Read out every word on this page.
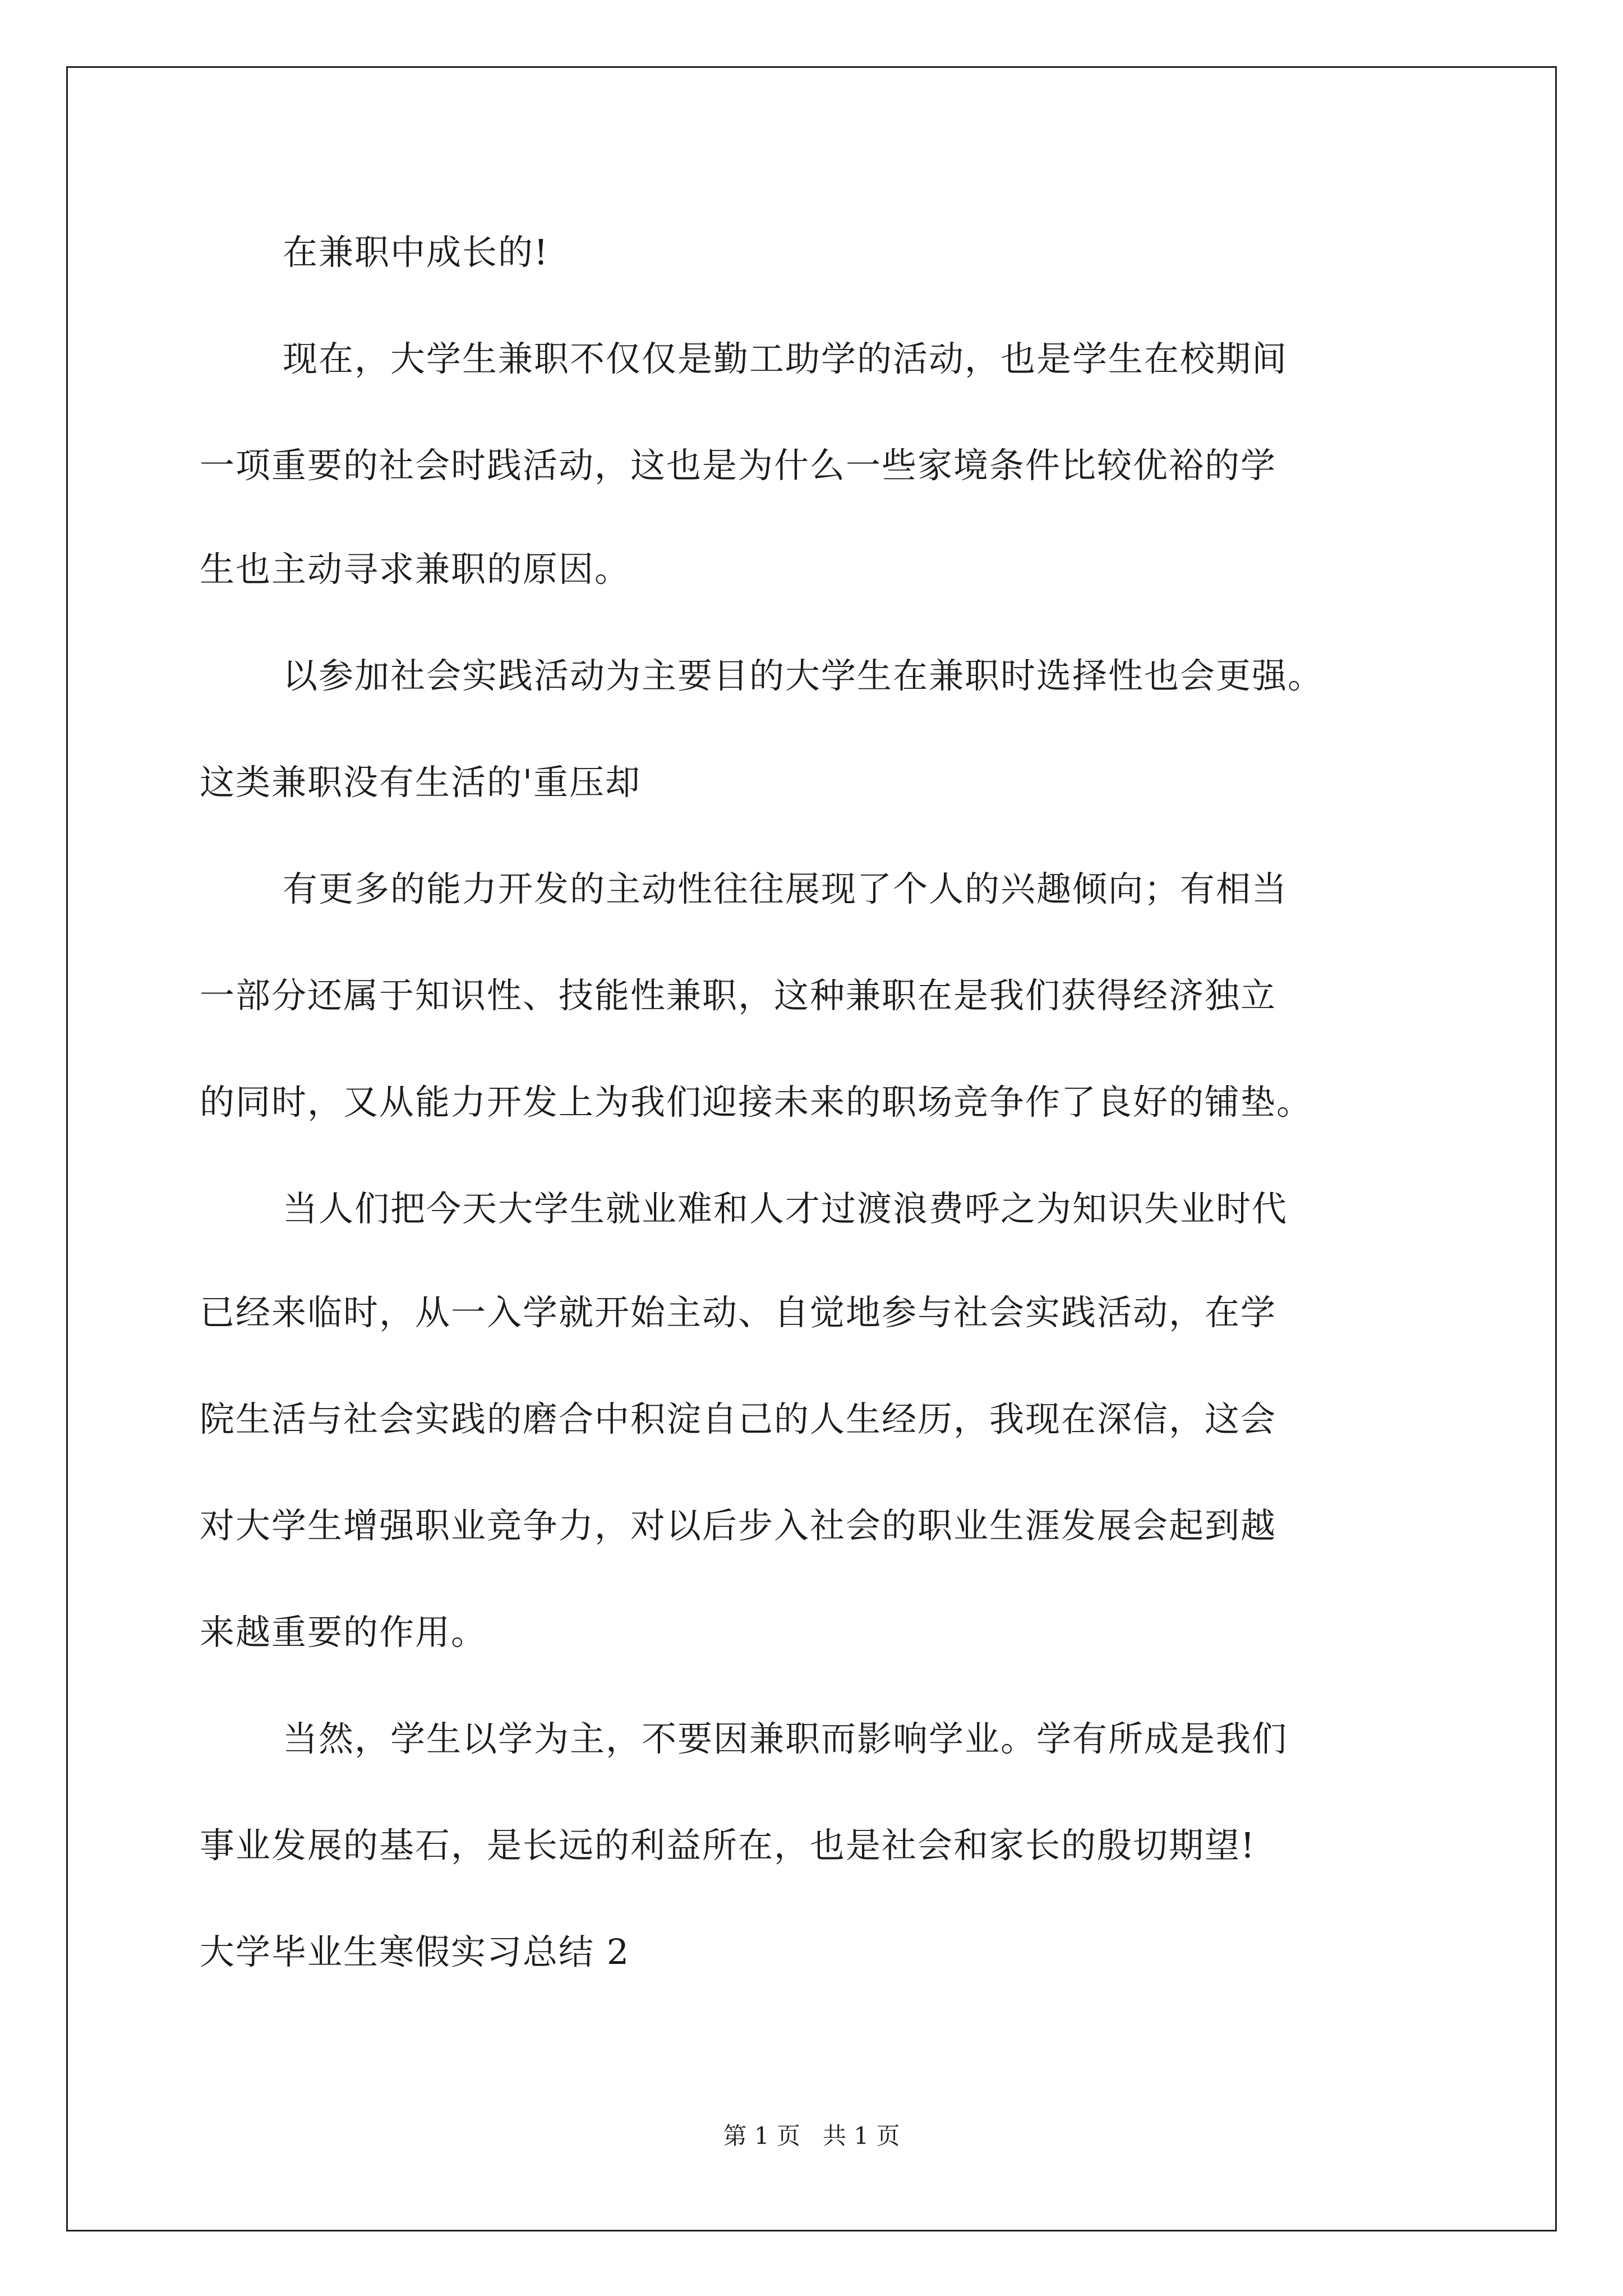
在兼职中成长的!
现在，大学生兼职不仅仅是勤工助学的活动，也是学生在校期间
一项重要的社会时践活动，这也是为什么一些家境条件比较优裕的学
生也主动寻求兼职的原因。
以参加社会实践活动为主要目的大学生在兼职时选择性也会更强。
这类兼职没有生活的'重压却
有更多的能力开发的主动性往往展现了个人的兴趣倾向；有相当
一部分还属于知识性、技能性兼职，这种兼职在是我们获得经济独立
的同时，又从能力开发上为我们迎接未来的职场竞争作了良好的铺垫。
当人们把今天大学生就业难和人才过渡浪费呼之为知识失业时代
已经来临时，从一入学就开始主动、自觉地参与社会实践活动，在学
院生活与社会实践的磨合中积淀自己的人生经历，我现在深信，这会
对大学生增强职业竞争力，对以后步入社会的职业生涯发展会起到越
来越重要的作用。
当然，学生以学为主，不要因兼职而影响学业。学有所成是我们
事业发展的基石，是长远的利益所在，也是社会和家长的殷切期望!
大学毕业生寒假实习总结 2
第 1 页   共 1 页
